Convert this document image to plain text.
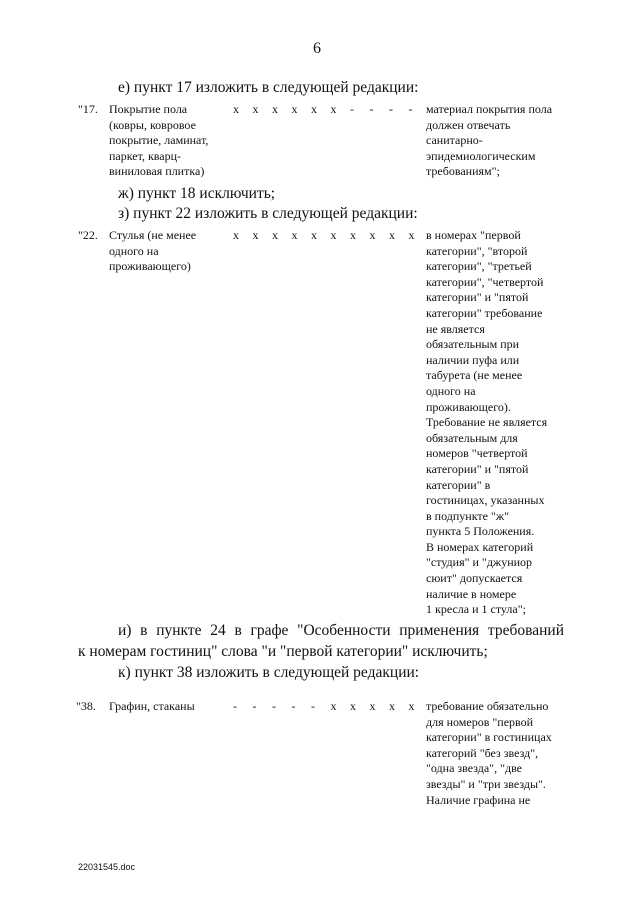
6
е) пункт 17 изложить в следующей редакции:
"17. Покрытие пола
(ковры, ковровое
покрытие, ламинат,
паркет, кварц-
виниловая плитка)
x x x x x x - - - -	материал покрытия пола
должен отвечать
санитарно-
эпидемиологическим
требованиям";
ж) пункт 18 исключить;
з) пункт 22 изложить в следующей редакции:
"22. Стулья (не менее
одного на
проживающего)
x x x x x x x x x x в номерах "первой
категории", "второй
категории", "третьей
категории", "четвертой
категории" и "пятой
категории" требование
не является
обязательным при
наличии пуфа или
табурета (не менее
одного на
проживающего).
Требование не является
обязательным для
номеров "четвертой
категории" и "пятой
категории" в
гостиницах, указанных
в подпункте "ж"
пункта 5 Положения.
В номерах категорий
"студия" и "джуниор
сюит" допускается
наличие в номере
1 кресла и 1 стула";
и) в пункте 24 в графе "Особенности применения требований
к номерам гостиниц" слова "и "первой категории" исключить;
к) пункт 38 изложить в следующей редакции:
"38. Графин, стаканы	- - - - - x x x x x требование обязательно
для номеров "первой
категории" в гостиницах
категорий "без звезд",
"одна звезда", "две
звезды" и "три звезды".
Наличие графина не
22031545.doc
